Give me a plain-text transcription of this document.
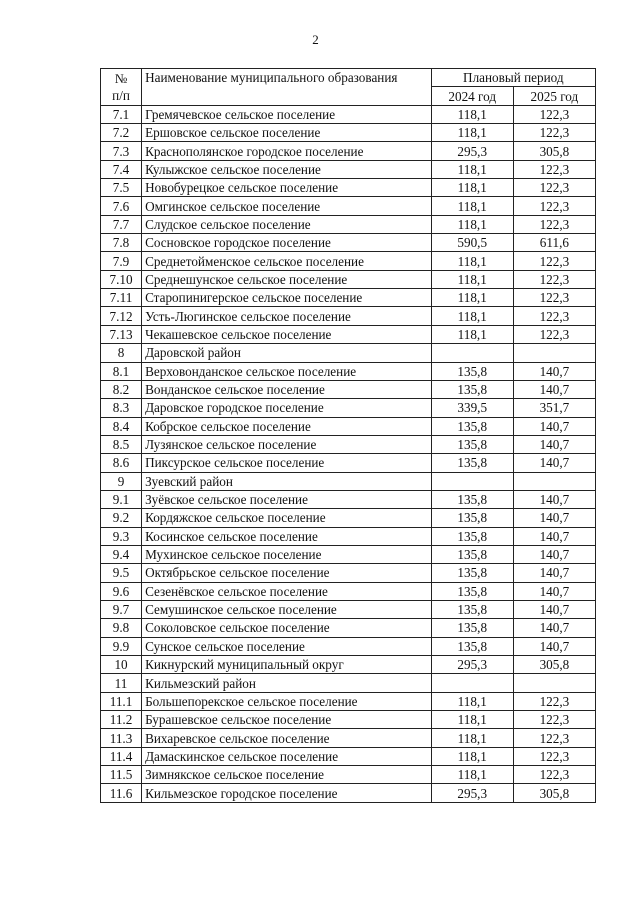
2
№
п/п	Наименование муниципального образования	Плановый период	
		2024 год	2025 год
7.1	Гремячевское сельское поселение	118,1	122,3
7.2	Ершовское сельское поселение	118,1	122,3
7.3	Краснополянское городское поселение	295,3	305,8
7.4	Кулыжское сельское поселение	118,1	122,3
7.5	Новобурецкое сельское поселение	118,1	122,3
7.6	Омгинское сельское поселение	118,1	122,3
7.7	Слудское сельское поселение	118,1	122,3
7.8	Сосновское городское поселение	590,5	611,6
7.9	Среднетойменское сельское поселение	118,1	122,3
7.10	Среднешунское сельское поселение	118,1	122,3
7.11	Старопинигерское сельское поселение	118,1	122,3
7.12	Усть-Люгинское сельское поселение	118,1	122,3
7.13	Чекашевское сельское поселение	118,1	122,3
8	Даровской район		
8.1	Верховонданское сельское поселение	135,8	140,7
8.2	Вонданское сельское поселение	135,8	140,7
8.3	Даровское городское поселение	339,5	351,7
8.4	Кобрское сельское поселение	135,8	140,7
8.5	Лузянское сельское поселение	135,8	140,7
8.6	Пиксурское сельское поселение	135,8	140,7
9	Зуевский район		
9.1	Зуёвское сельское поселение	135,8	140,7
9.2	Кордяжское сельское поселение	135,8	140,7
9.3	Косинское сельское поселение	135,8	140,7
9.4	Мухинское сельское поселение	135,8	140,7
9.5	Октябрьское сельское поселение	135,8	140,7
9.6	Сезенёвское сельское поселение	135,8	140,7
9.7	Семушинское сельское поселение	135,8	140,7
9.8	Соколовское сельское поселение	135,8	140,7
9.9	Сунское сельское поселение	135,8	140,7
10	Кикнурский муниципальный округ	295,3	305,8
11	Кильмезский район		
11.1	Большепорекское сельское поселение	118,1	122,3
11.2	Бурашевское сельское поселение	118,1	122,3
11.3	Вихаревское сельское поселение	118,1	122,3
11.4	Дамаскинское сельское поселение	118,1	122,3
11.5	Зимнякское сельское поселение	118,1	122,3
11.6	Кильмезское городское поселение	295,3	305,8
